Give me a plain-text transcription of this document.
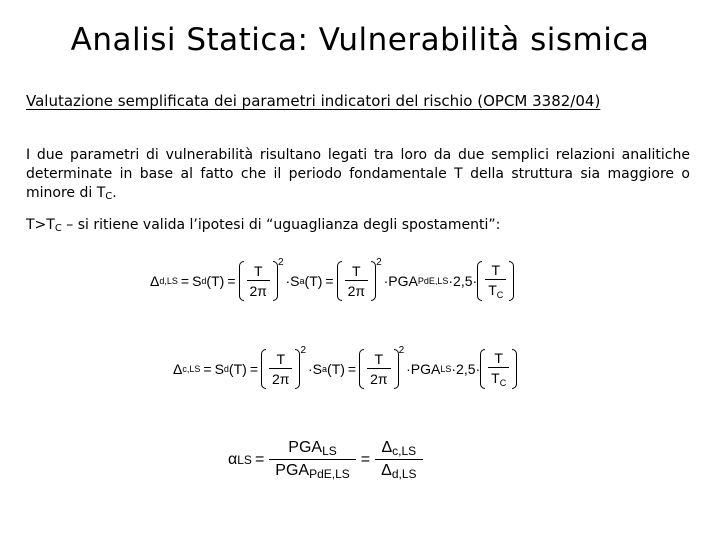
Analisi Statica: Vulnerabilità sismica
Valutazione semplificata dei parametri indicatori del rischio (OPCM 3382/04)
I due parametri di vulnerabilità risultano legati tra loro da due semplici relazioni analitiche determinate in base al fatto che il periodo fondamentale T della struttura sia maggiore o minore di $T_C$.
$T>T_C$ – si ritiene valida l’ipotesi di “uguaglianza degli spostamenti”:
Δ d,LS = S d $(T) = \frac{T}{2\pi}$
2
·S a $(T) = \frac{T}{2\pi}$
2
·PGA $PdE,LS \cdot 2,5\cdot \frac{T}{T_C}$
Δ c,LS = S d $(T) = \frac{T}{2\pi}$
2
·S a $(T) = \frac{T}{2\pi}$
2
·PGA LS $\cdot 2,5\cdot \frac{T}{T_C}$
α LS = $\frac{\text{PGALS}}{\text{PGAPdE,LS}} = \frac{\Delta c,LS}{\Delta d,LS}$
